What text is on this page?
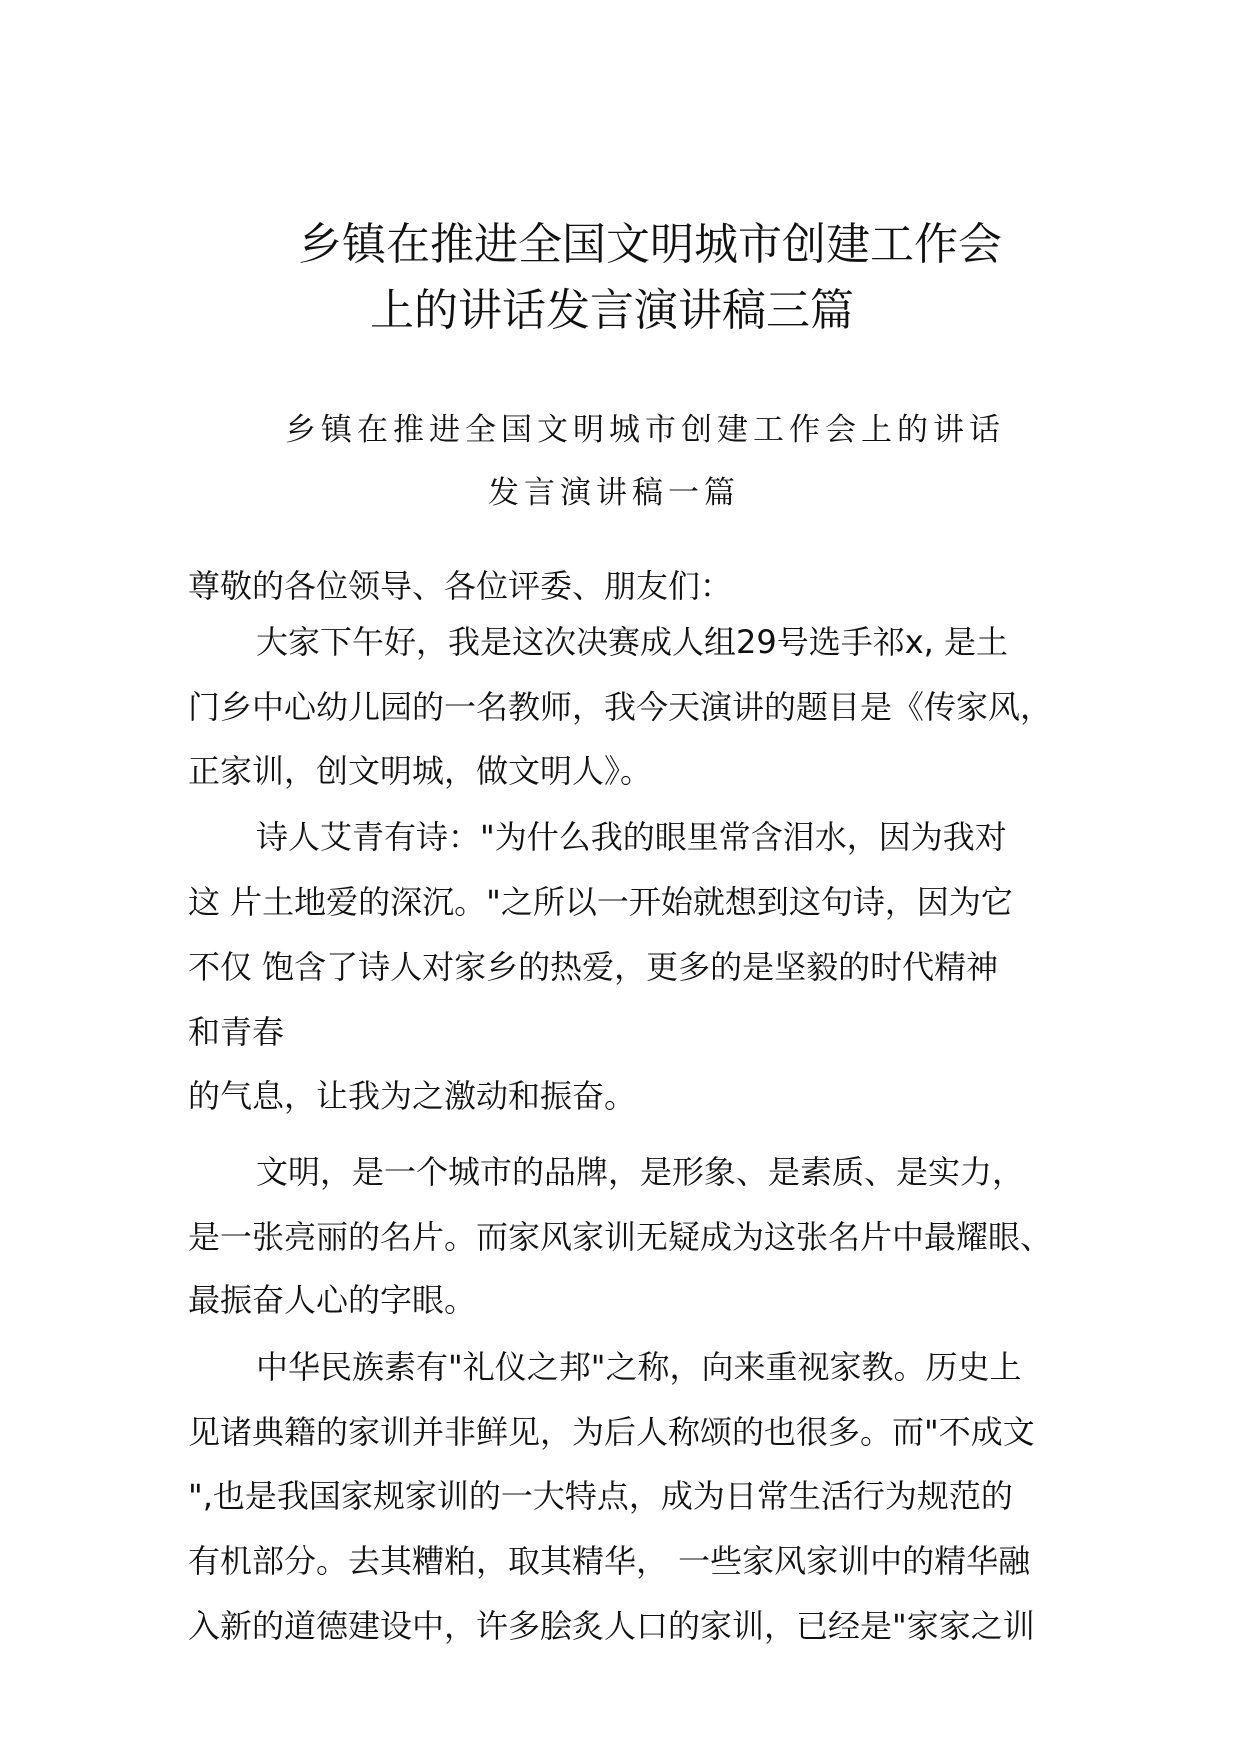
乡镇在推进全国文明城市创建工作会
上的讲话发言演讲稿三篇
乡镇在推进全国文明城市创建工作会上的讲话
发言演讲稿一篇
尊敬的各位领导、各位评委、朋友们：
大家下午好，我是这次决赛成人组29号选手祁x, 是土
门乡中心幼儿园的一名教师，我今天演讲的题目是《传家风，
正家训，创文明城，做文明人》。
诗人艾青有诗："为什么我的眼里常含泪水，因为我对
这 片土地爱的深沉。"之所以一开始就想到这句诗，因为它
不仅 饱含了诗人对家乡的热爱，更多的是坚毅的时代精神
和青春
的气息，让我为之激动和振奋。
文明，是一个城市的品牌，是形象、是素质、是实力，
是一张亮丽的名片。而家风家训无疑成为这张名片中最耀眼、
最振奋人心的字眼。
中华民族素有"礼仪之邦"之称，向来重视家教。历史上
见诸典籍的家训并非鲜见，为后人称颂的也很多。而"不成文
",也是我国家规家训的一大特点，成为日常生活行为规范的
有机部分。去其糟粕，取其精华， 一些家风家训中的精华融
入新的道德建设中，许多脍炙人口的家训，已经是"家家之训
